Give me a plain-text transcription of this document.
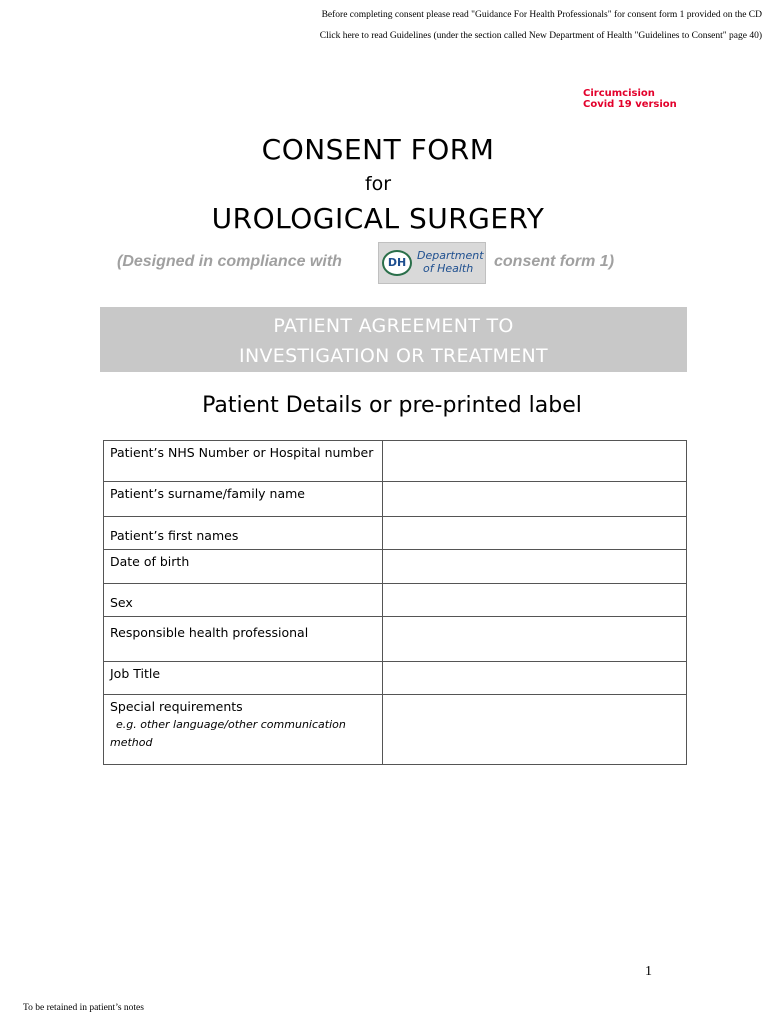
Before completing consent please read "Guidance For Health Professionals" for consent form 1 provided on the CD
Click here to read Guidelines (under the section called New Department of Health "Guidelines to Consent" page 40)
Circumcision
Covid 19 version
CONSENT FORM
for
UROLOGICAL SURGERY
(Designed in compliance with	DH
Department
of Health	consent form 1)
PATIENT AGREEMENT TO
INVESTIGATION OR TREATMENT
Patient Details or pre-printed label
Patient’s NHS Number or Hospital number	
Patient’s surname/family name	
Patient’s first names	
Date of birth	
Sex	
Responsible health professional	
Job Title	

Special requirements
e.g. other language/other communication
method	

1
To be retained in patient’s notes
